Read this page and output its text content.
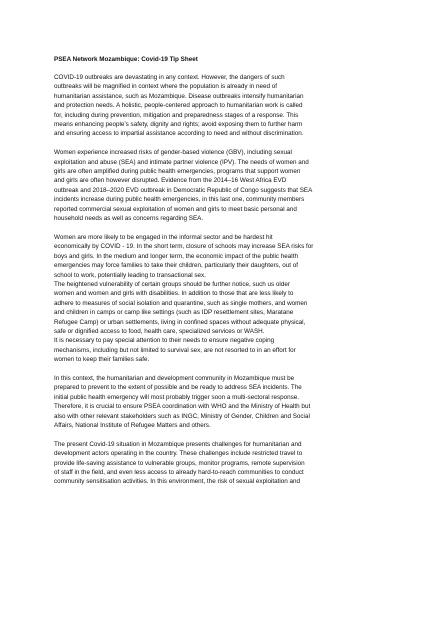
PSEA Network Mozambique: Covid-19 Tip Sheet
COVID-19 outbreaks are devastating in any context. However, the dangers of such
outbreaks will be magnified in context where the population is already in need of
humanitarian assistance, such as Mozambique. Disease outbreaks intensify humanitarian
and protection needs. A holistic, people-centered approach to humanitarian work is called
for, including during prevention, mitigation and preparedness stages of a response. This
means enhancing people’s safety, dignity and rights; avoid exposing them to further harm
and ensuring access to impartial assistance according to need and without discrimination.
Women experience increased risks of gender-based violence (GBV), including sexual
exploitation and abuse (SEA) and intimate partner violence (IPV). The needs of women and
girls are often amplified during public health emergencies, programs that support women
and girls are often however disrupted. Evidence from the 2014–16 West Africa EVD
outbreak and 2018–2020 EVD outbreak in Democratic Republic of Congo suggests that SEA
incidents increase during public health emergencies, in this last one, community members
reported commercial sexual exploitation of women and girls to meet basic personal and
household needs as well as concerns regarding SEA.
Women are more likely to be engaged in the informal sector and be hardest hit
economically by COVID - 19. In the short term, closure of schools may increase SEA risks for
boys and girls. In the medium and longer term, the economic impact of the public health
emergencies may force families to take their children, particularly their daughters, out of
school to work, potentially leading to transactional sex.
The heightened vulnerability of certain groups should be further notice, such us older
women and women and girls with disabilities. In addition to those that are less likely to
adhere to measures of social isolation and quarantine, such as single mothers, and women
and children in camps or camp like settings (such as IDP resettlement sites, Maratane
Refugee Camp) or urban settlements, living in confined spaces without adequate physical,
safe or dignified access to food, health care, specialized services or WASH.
It is necessary to pay special attention to their needs to ensure negative coping
mechanisms, including but not limited to survival sex, are not resorted to in an effort for
women to keep their families safe.
In this context, the humanitarian and development community in Mozambique must be
prepared to prevent to the extent of possible and be ready to address SEA incidents. The
initial public health emergency will most probably trigger soon a multi-sectoral response.
Therefore, it is crucial to ensure PSEA coordination with WHO and the Ministry of Health but
also with other relevant stakeholders such as INGC, Ministry of Gender, Children and Social
Affairs, National Institute of Refugee Matters and others.
The present Covid-19 situation in Mozambique presents challenges for humanitarian and
development actors operating in the country. These challenges include restricted travel to
provide life-saving assistance to vulnerable groups, monitor programs, remote supervision
of staff in the field, and even less access to already hard-to-reach communities to conduct
community sensitisation activities. In this environment, the risk of sexual exploitation and
